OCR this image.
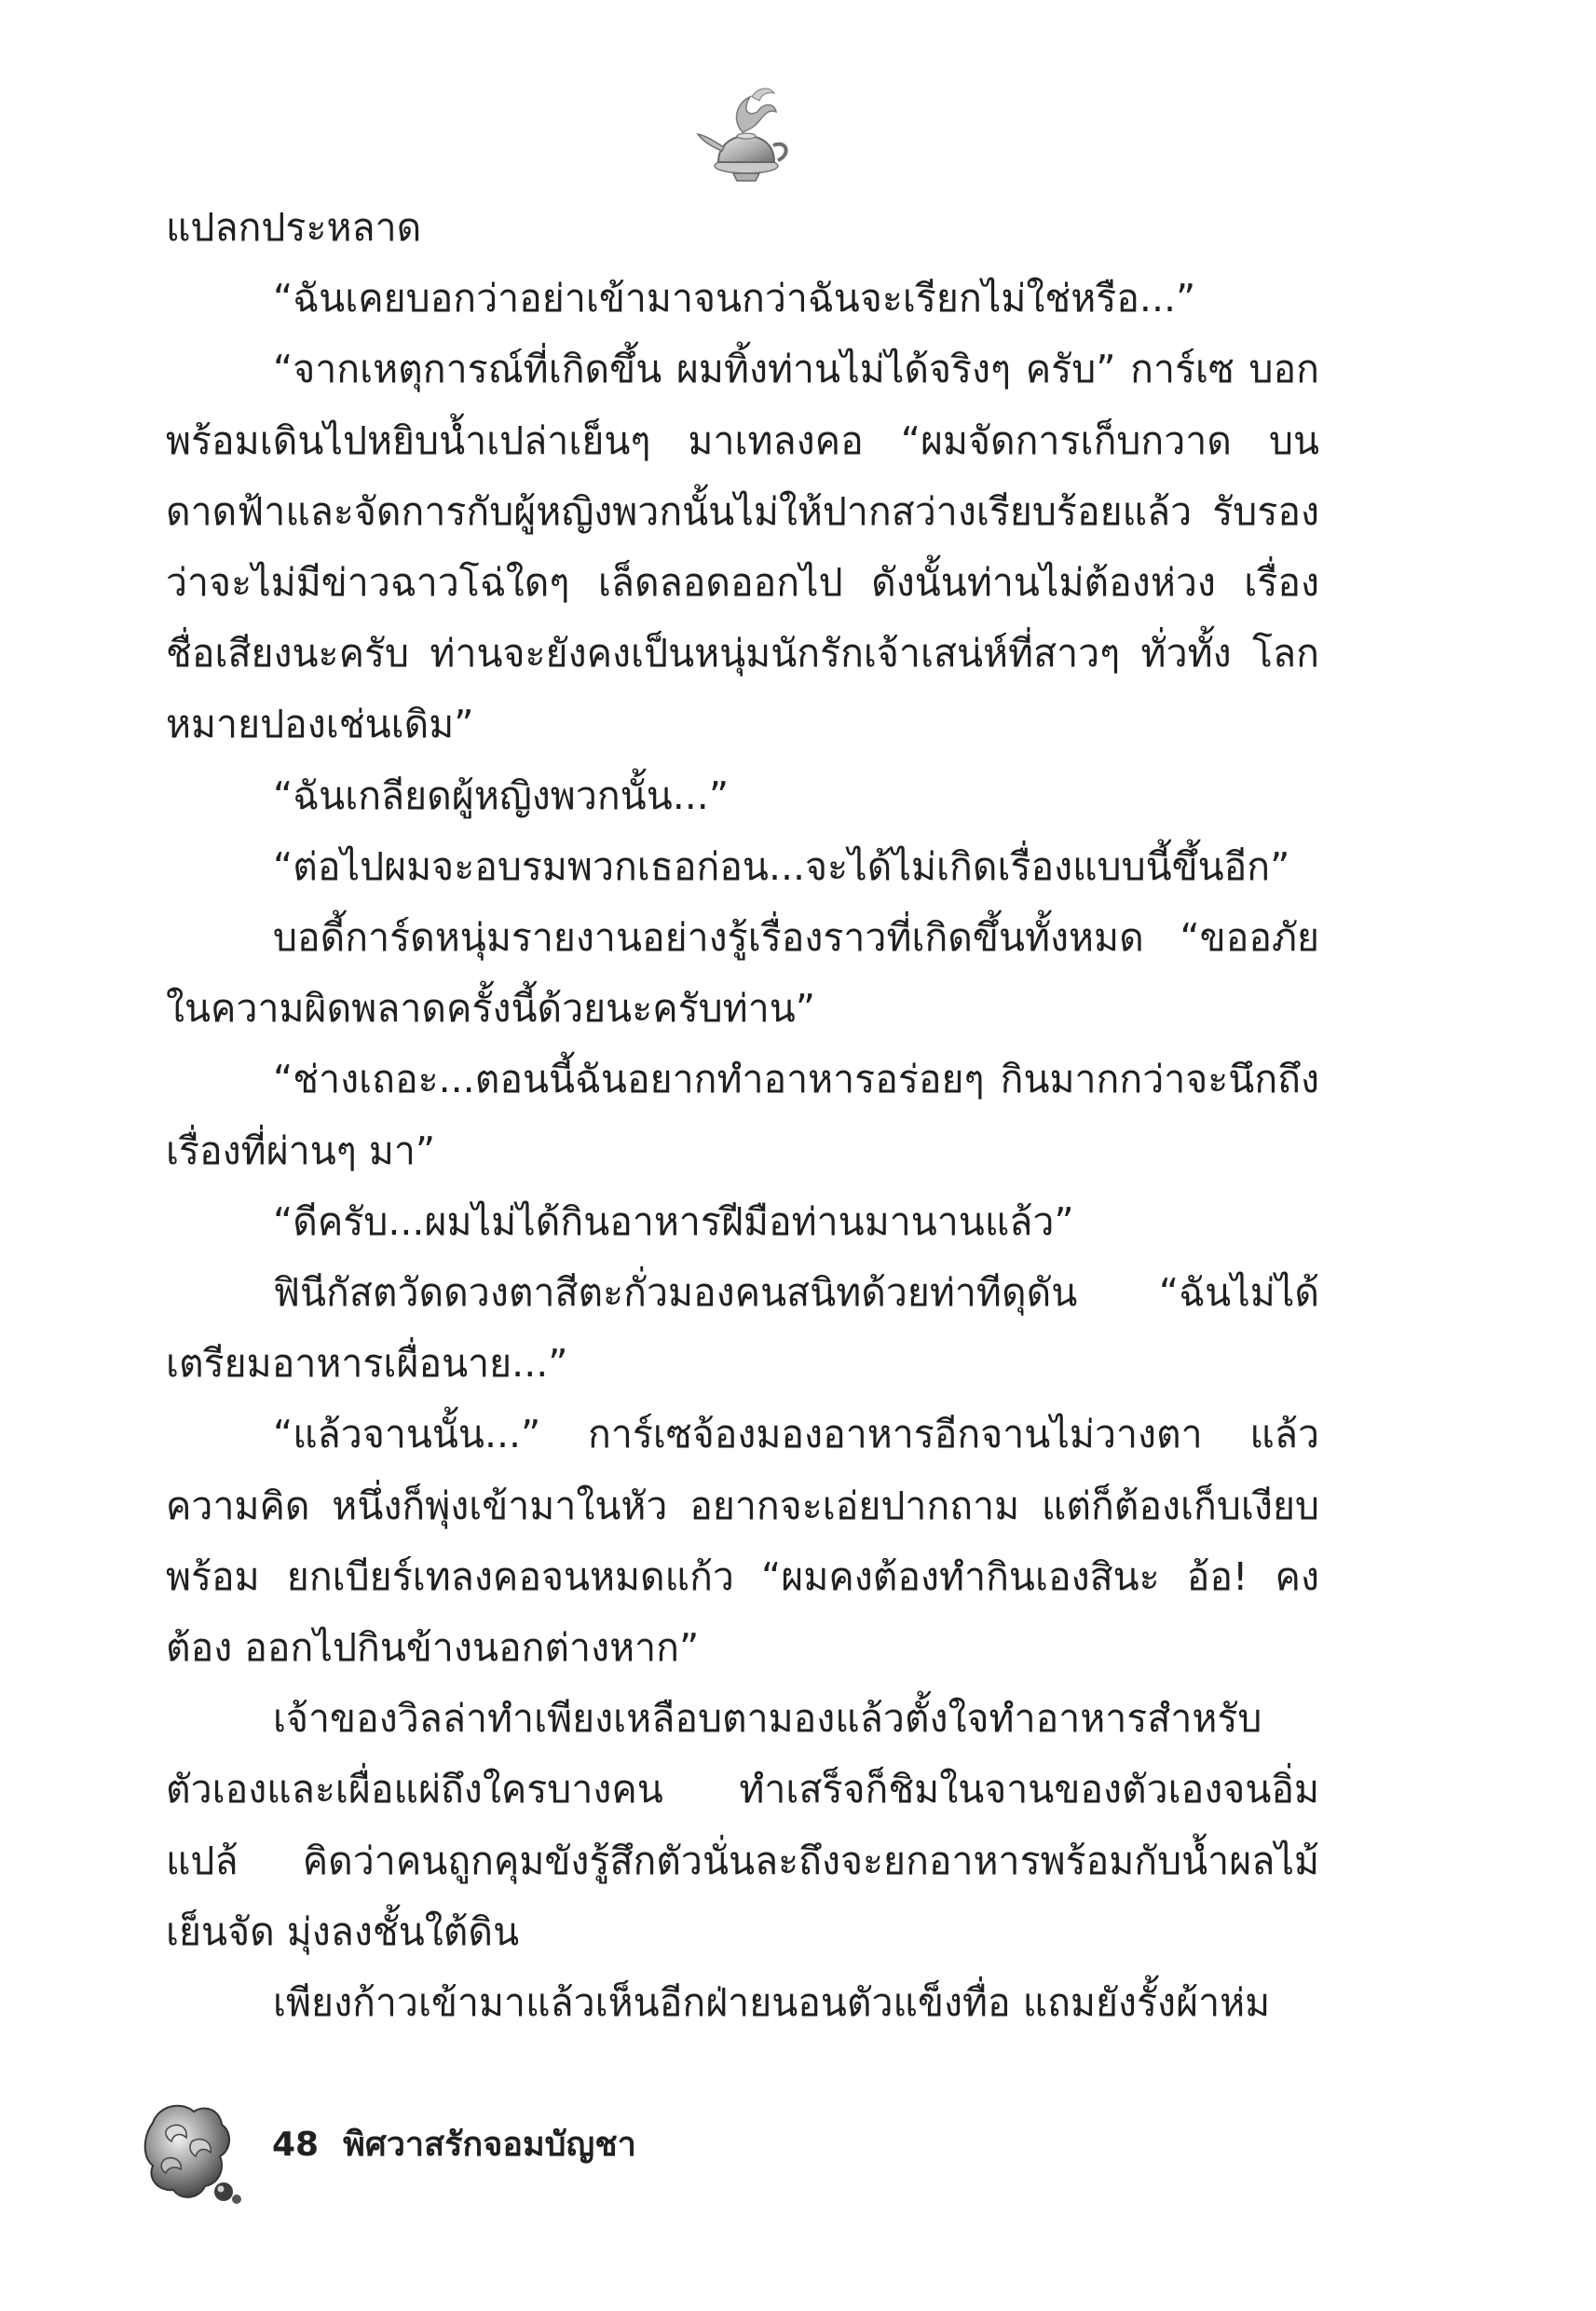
แปลกประหลาด

“ฉันเคยบอกว่าอย่าเข้ามาจนกว่าฉันจะเรียกไม่ใช่หรือ...”

“จากเหตุการณ์ที่เกิดขึ้น ผมทิ้งท่านไม่ได้จริงๆ ครับ” การ์เซ บอกพร้อมเดินไปหยิบน้ำเปล่าเย็นๆ มาเทลงคอ “ผมจัดการเก็บกวาด บนดาดฟ้าและจัดการกับผู้หญิงพวกนั้นไม่ให้ปากสว่างเรียบร้อยแล้ว รับรองว่าจะไม่มีข่าวฉาวโฉ่ใดๆ เล็ดลอดออกไป ดังนั้นท่านไม่ต้องห่วง เรื่องชื่อเสียงนะครับ ท่านจะยังคงเป็นหนุ่มนักรักเจ้าเสน่ห์ที่สาวๆ ทั่วทั้ง โลกหมายปองเช่นเดิม”

“ฉันเกลียดผู้หญิงพวกนั้น...”

“ต่อไปผมจะอบรมพวกเธอก่อน...จะได้ไม่เกิดเรื่องแบบนี้ขึ้นอีก”

บอดี้การ์ดหนุ่มรายงานอย่างรู้เรื่องราวที่เกิดขึ้นทั้งหมด “ขออภัย ในความผิดพลาดครั้งนี้ด้วยนะครับท่าน”

“ช่างเถอะ...ตอนนี้ฉันอยากทำอาหารอร่อยๆ กินมากกว่าจะนึกถึง เรื่องที่ผ่านๆ มา”

“ดีครับ...ผมไม่ได้กินอาหารฝีมือท่านมานานแล้ว”

ฟินีกัสตวัดดวงตาสีตะกั่วมองคนสนิทด้วยท่าทีดุดัน “ฉันไม่ได้ เตรียมอาหารเผื่อนาย...”

“แล้วจานนั้น...” การ์เซจ้องมองอาหารอีกจานไม่วางตา แล้วความคิด หนึ่งก็พุ่งเข้ามาในหัว อยากจะเอ่ยปากถาม แต่ก็ต้องเก็บเงียบพร้อม ยกเบียร์เทลงคอจนหมดแก้ว “ผมคงต้องทำกินเองสินะ อ้อ! คงต้อง ออกไปกินข้างนอกต่างหาก”

เจ้าของวิลล่าทำเพียงเหลือบตามองแล้วตั้งใจทำอาหารสำหรับ ตัวเองและเผื่อแผ่ถึงใครบางคน ทำเสร็จก็ชิมในจานของตัวเองจนอิ่มแปล้ คิดว่าคนถูกคุมขังรู้สึกตัวนั่นละถึงจะยกอาหารพร้อมกับน้ำผลไม้เย็นจัด มุ่งลงชั้นใต้ดิน

เพียงก้าวเข้ามาแล้วเห็นอีกฝ่ายนอนตัวแข็งทื่อ แถมยังรั้งผ้าห่ม

48 พิศวาสรักจอมบัญชา
